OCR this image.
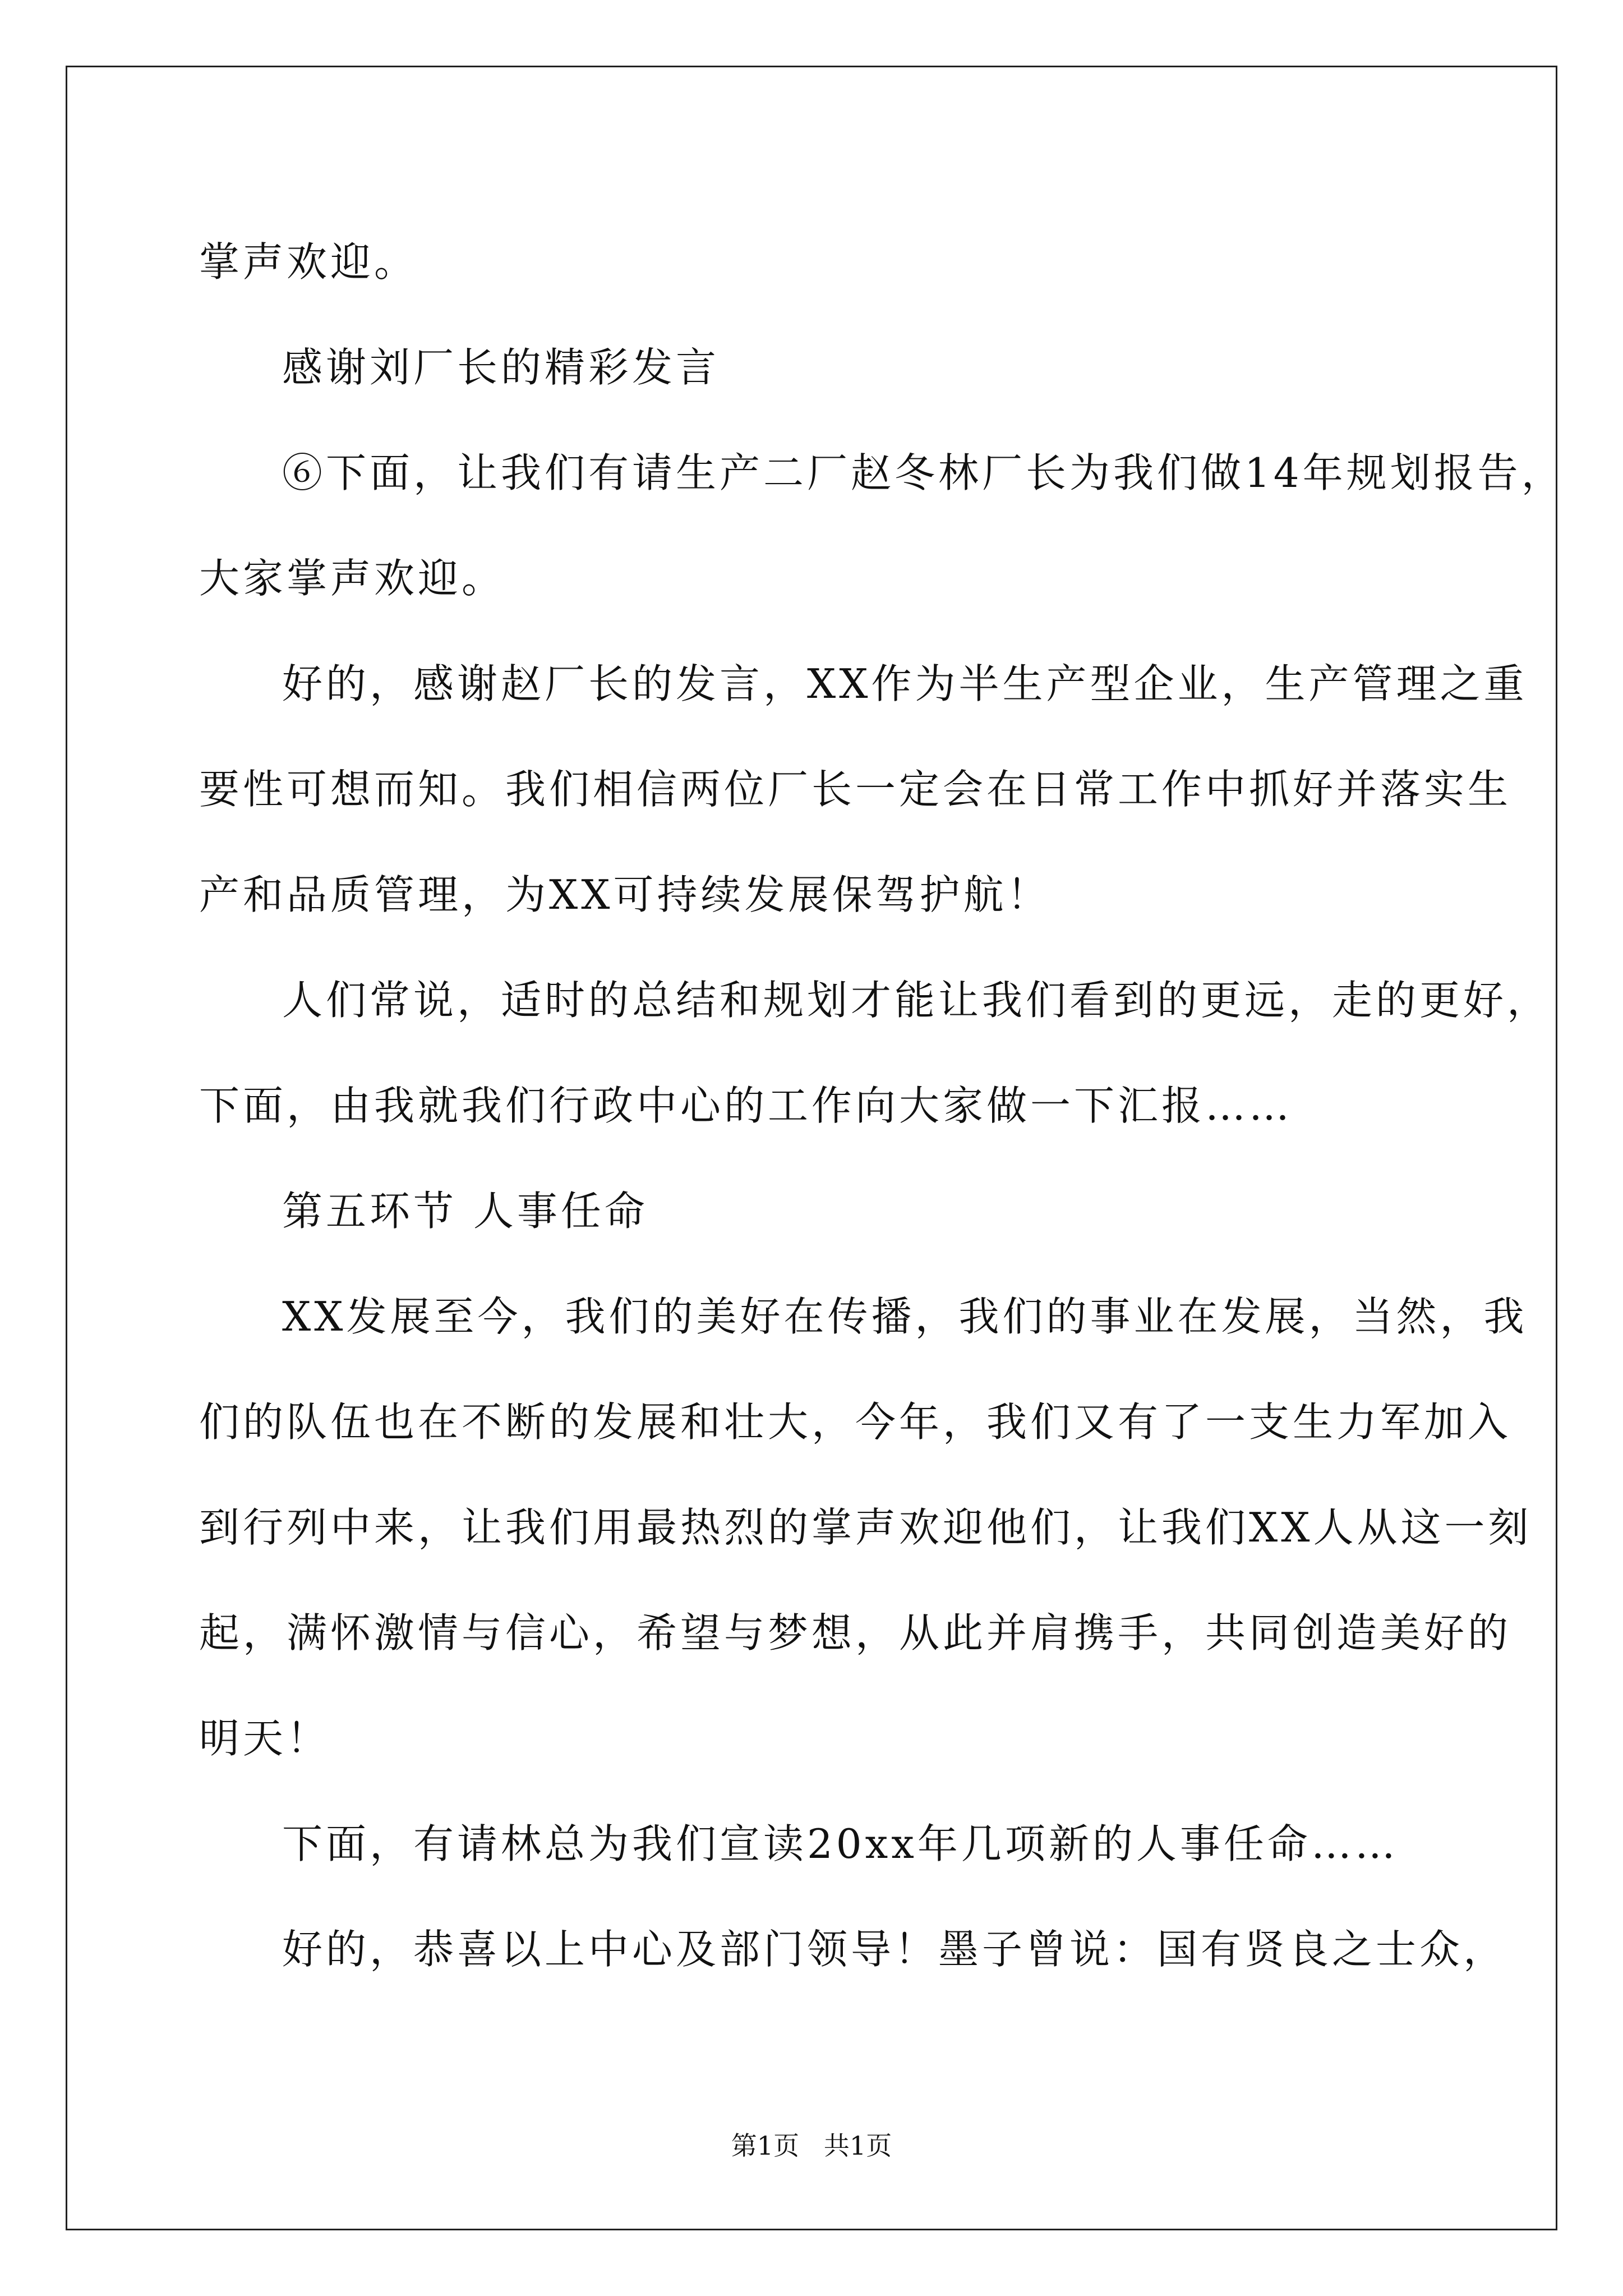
掌声欢迎。
感谢刘厂长的精彩发言
⑥下面，让我们有请生产二厂赵冬林厂长为我们做14年规划报告，
大家掌声欢迎。
好的，感谢赵厂长的发言，XX作为半生产型企业，生产管理之重
要性可想而知。我们相信两位厂长一定会在日常工作中抓好并落实生
产和品质管理，为XX可持续发展保驾护航！
人们常说，适时的总结和规划才能让我们看到的更远，走的更好，
下面，由我就我们行政中心的工作向大家做一下汇报……
第五环节 人事任命
XX发展至今，我们的美好在传播，我们的事业在发展，当然，我
们的队伍也在不断的发展和壮大，今年，我们又有了一支生力军加入
到行列中来，让我们用最热烈的掌声欢迎他们，让我们XX人从这一刻
起，满怀激情与信心，希望与梦想，从此并肩携手，共同创造美好的
明天！
下面，有请林总为我们宣读20xx年几项新的人事任命……
好的，恭喜以上中心及部门领导！墨子曾说：国有贤良之士众，
第1页   共1页
